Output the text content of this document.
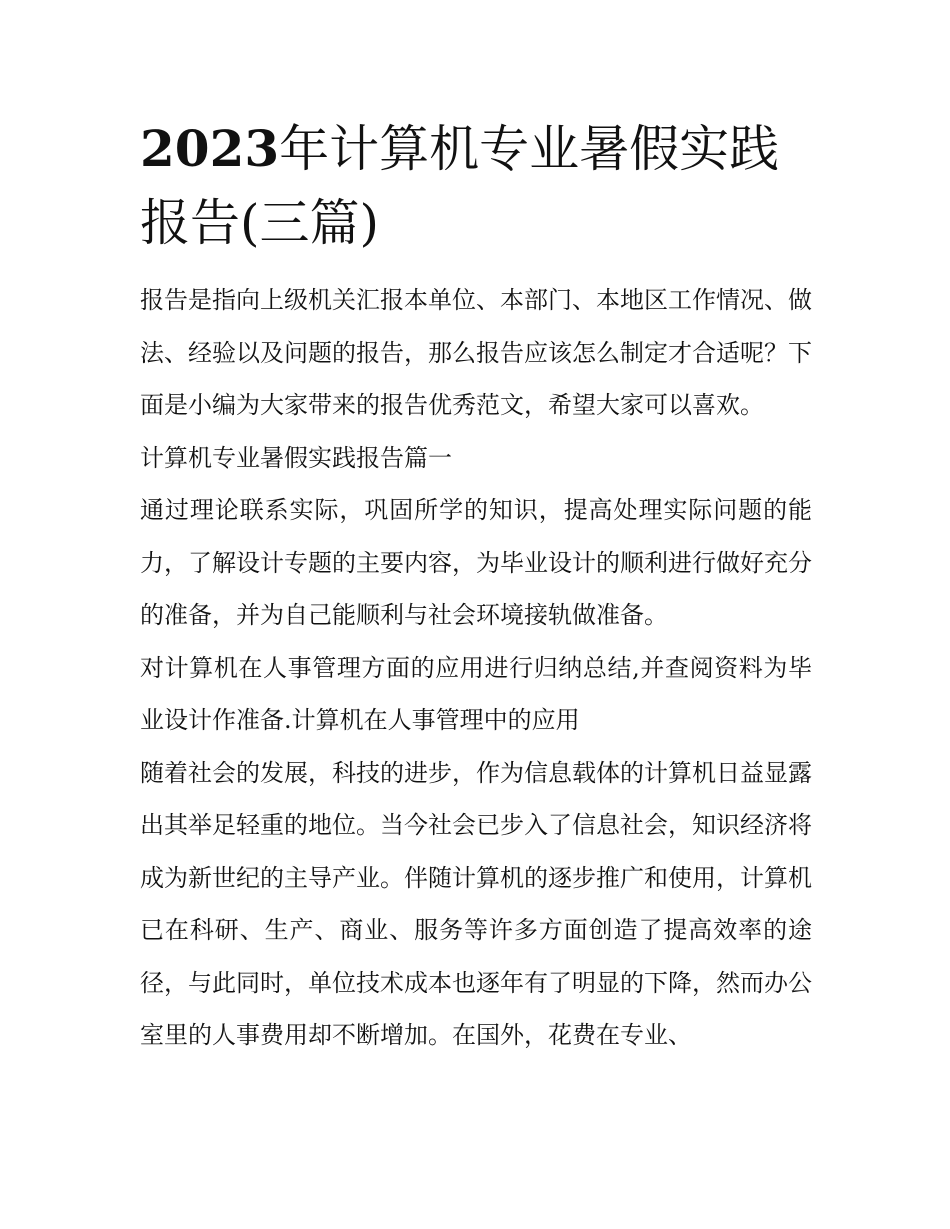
2023年计算机专业暑假实践报告(三篇)

报告是指向上级机关汇报本单位、本部门、本地区工作情况、做法、经验以及问题的报告，那么报告应该怎么制定才合适呢？下面是小编为大家带来的报告优秀范文，希望大家可以喜欢。

计算机专业暑假实践报告篇一

通过理论联系实际，巩固所学的知识，提高处理实际问题的能力，了解设计专题的主要内容，为毕业设计的顺利进行做好充分的准备，并为自己能顺利与社会环境接轨做准备。

对计算机在人事管理方面的应用进行归纳总结,并查阅资料为毕业设计作准备.计算机在人事管理中的应用

随着社会的发展，科技的进步，作为信息载体的计算机日益显露出其举足轻重的地位。当今社会已步入了信息社会，知识经济将成为新世纪的主导产业。伴随计算机的逐步推广和使用，计算机已在科研、生产、商业、服务等许多方面创造了提高效率的途径，与此同时，单位技术成本也逐年有了明显的下降，然而办公室里的人事费用却不断增加。在国外，花费在专业、
